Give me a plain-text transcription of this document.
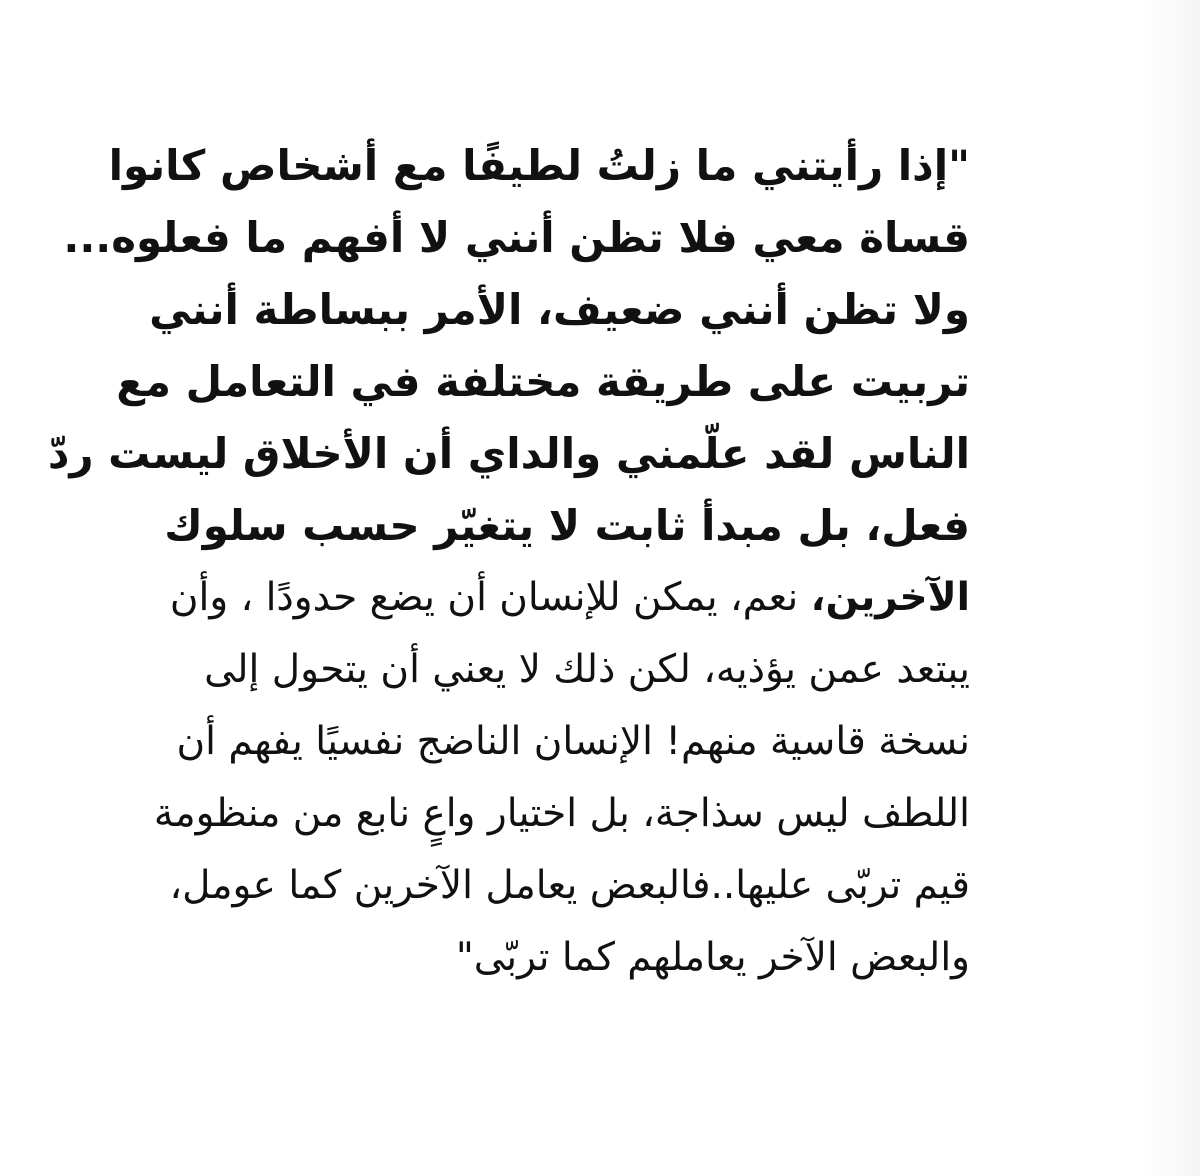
"إذا رأيتني ما زلتُ لطيفًا مع أشخاص كانوا
قساة معي فلا تظن أنني لا أفهم ما فعلوه...
ولا تظن أنني ضعيف، الأمر ببساطة أنني
تربيت على طريقة مختلفة في التعامل مع
الناس لقد علّمني والداي أن الأخلاق ليست ردّ
فعل، بل مبدأ ثابت لا يتغيّر حسب سلوك
الآخرين، نعم، يمكن للإنسان أن يضع حدودًا ، وأن
يبتعد عمن يؤذيه، لكن ذلك لا يعني أن يتحول إلى
نسخة قاسية منهم! الإنسان الناضج نفسيًا يفهم أن
اللطف ليس سذاجة، بل اختيار واعٍ نابع من منظومة
قيم تربّى عليها..فالبعض يعامل الآخرين كما عومل،
والبعض الآخر يعاملهم كما تربّى"
